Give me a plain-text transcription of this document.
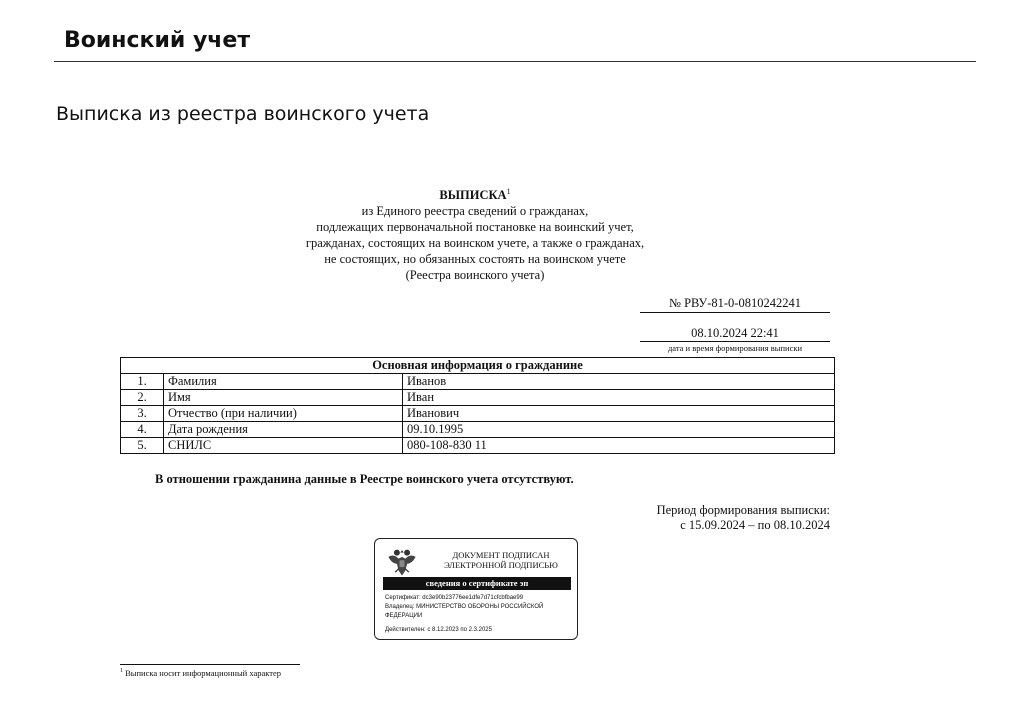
Воинский учет
Выписка из реестра воинского учета
ВЫПИСКА$^1$
из Единого реестра сведений о гражданах,
подлежащих первоначальной постановке на воинский учет,
гражданах, состоящих на воинском учете, а также о гражданах,
не состоящих, но обязанных состоять на воинском учете
(Реестра воинского учета)
№ РВУ-81-0-0810242241
08.10.2024 22:41
дата и время формирования выписки
Основная информация о гражданине		
1.	Фамилия	Иванов
2.	Имя	Иван
3.	Отчество (при наличии)	Иванович
4.	Дата рождения	09.10.1995
5.	СНИЛС	080-108-830 11
В отношении гражданина данные в Реестре воинского учета отсутствуют.
Период формирования выписки:
с 15.09.2024 – по 08.10.2024
ДОКУМЕНТ ПОДПИСАН
ЭЛЕКТРОННОЙ ПОДПИСЬЮ
сведения о сертификате эп
Сертификат: dc3e90b23776ee1dfe7d71cfcbfbae99
Владелец: МИНИСТЕРСТВО ОБОРОНЫ РОССИЙСКОЙ
ФЕДЕРАЦИИ
Действителен: с 8.12.2023 по 2.3.2025
$^1$ Выписка носит информационный характер
